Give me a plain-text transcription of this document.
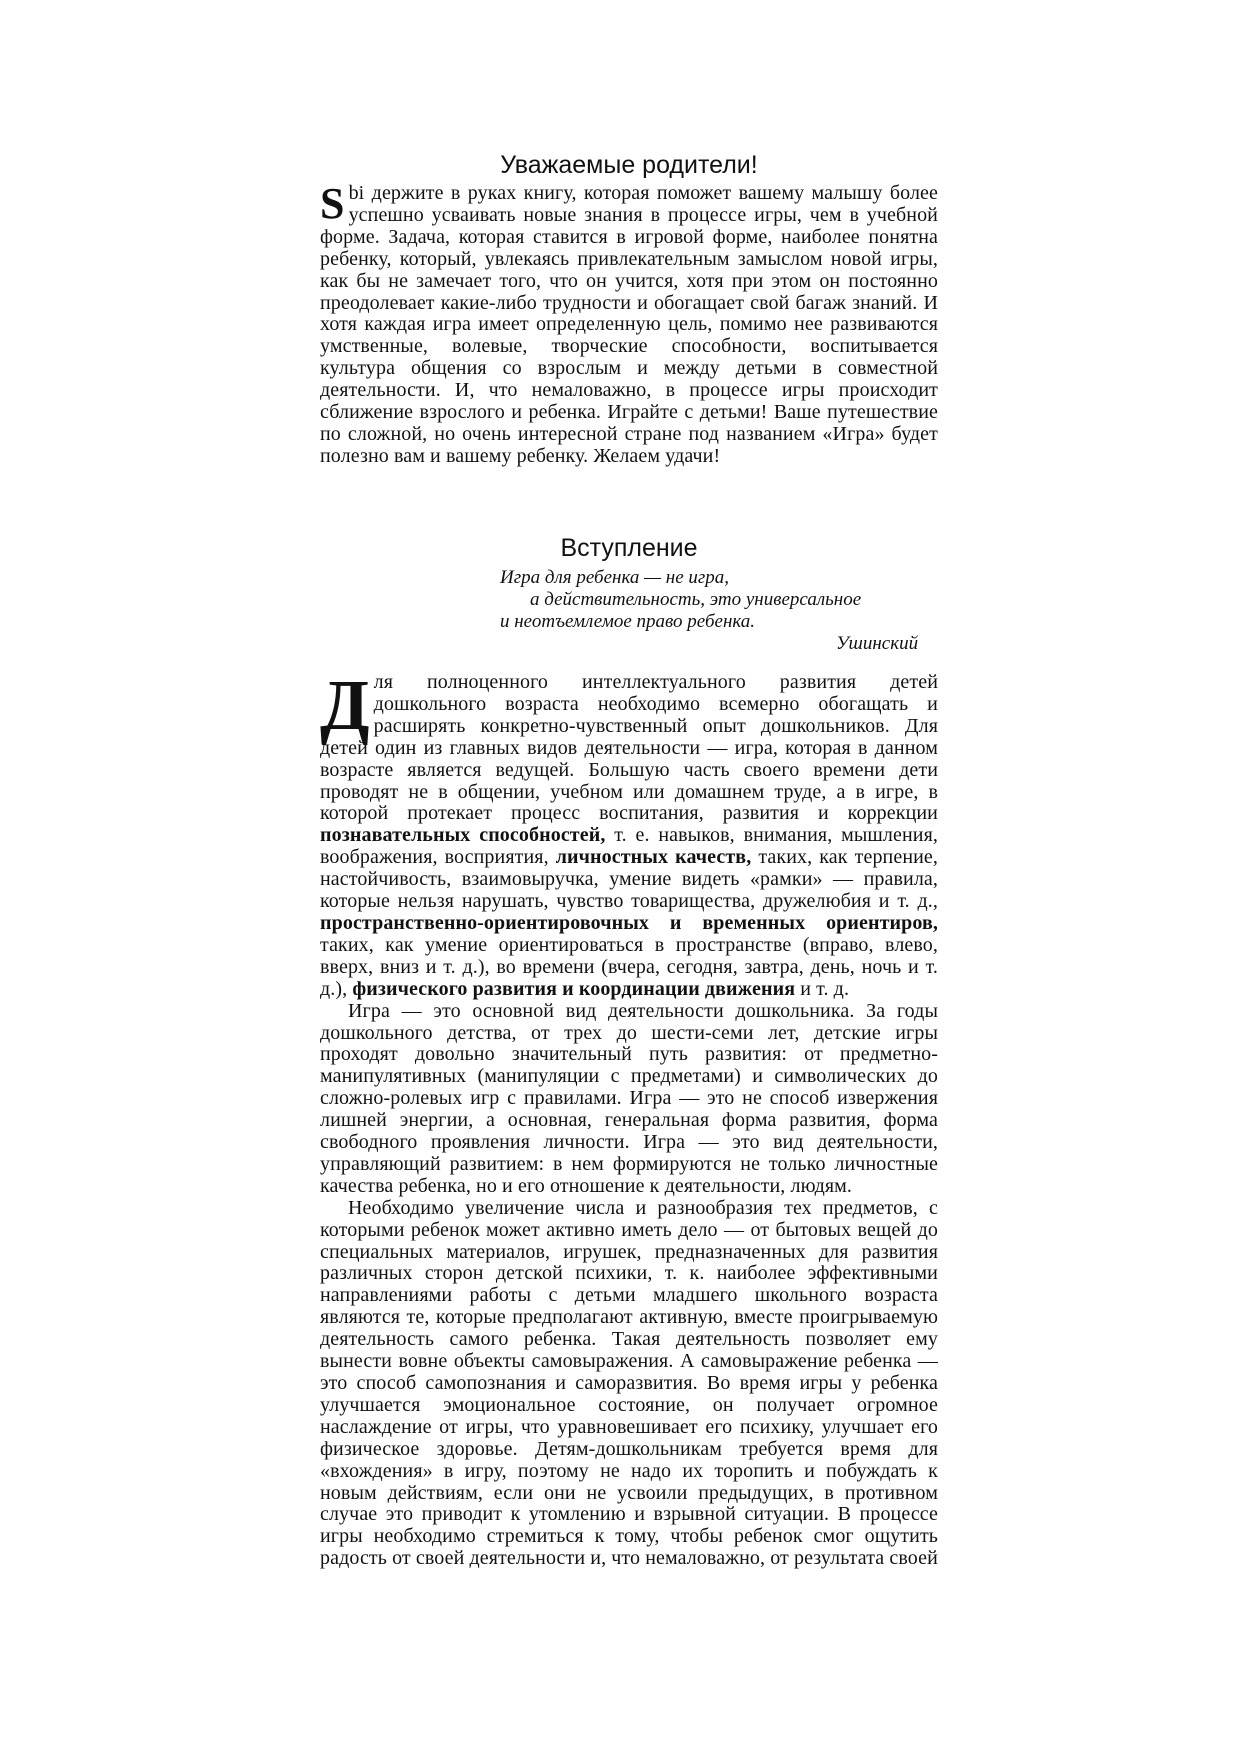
Уважаемые родители!

Sbi держите в руках книгу, которая поможет вашему малышу более успешно усваивать новые знания в процессе игры, чем в учебной форме. Задача, которая ставится в игровой форме, наиболее понятна ребенку, который, увлекаясь привлекательным замыслом новой игры, как бы не замечает того, что он учится, хотя при этом он постоянно преодолевает какие-либо трудности и обогащает свой багаж знаний. И хотя каждая игра имеет определенную цель, помимо нее развиваются умственные, волевые, творческие способности, воспитывается культура общения со взрослым и между детьми в совместной деятельности. И, что немаловажно, в процессе игры происходит сближение взрослого и ребенка. Играйте с детьми! Ваше путешествие по сложной, но очень интересной стране под названием «Игра» будет полезно вам и вашему ребенку. Желаем удачи!

Вступление
Игра для ребенка — не игра,
а действительность, это универсальное
и неотъемлемое право ребенка.
Ушинский

Для полноценного интеллектуального развития детей дошкольного возраста необходимо всемерно обогащать и расширять конкретно-чувственный опыт дошкольников. Для детей один из главных видов деятельности — игра, которая в данном возрасте является ведущей. Большую часть своего времени дети проводят не в общении, учебном или домашнем труде, а в игре, в которой протекает процесс воспитания, развития и коррекции познавательных способностей, т. е. навыков, внимания, мышления, воображения, восприятия, личностных качеств, таких, как терпение, настойчивость, взаимовыручка, умение видеть «рамки» — правила, которые нельзя нарушать, чувство товарищества, дружелюбия и т. д., пространственно-ориентировочных и временных ориентиров, таких, как умение ориентироваться в пространстве (вправо, влево, вверх, вниз и т. д.), во времени (вчера, сегодня, завтра, день, ночь и т. д.), физического развития и координации движения и т. д.

Игра — это основной вид деятельности дошкольника. За годы дошкольного детства, от трех до шести-семи лет, детские игры проходят довольно значительный путь развития: от предметно-манипулятивных (манипуляции с предметами) и символических до сложно-ролевых игр с правилами. Игра — это не способ извержения лишней энергии, а основная, генеральная форма развития, форма свободного проявления личности. Игра — это вид деятельности, управляющий развитием: в нем формируются не только личностные качества ребенка, но и его отношение к деятельности, людям.

Необходимо увеличение числа и разнообразия тех предметов, с которыми ребенок может активно иметь дело — от бытовых вещей до специальных материалов, игрушек, предназначенных для развития различных сторон детской психики, т. к. наиболее эффективными направлениями работы с детьми младшего школьного возраста являются те, которые предполагают активную, вместе проигрываемую деятельность самого ребенка. Такая деятельность позволяет ему вынести вовне объекты самовыражения. А самовыражение ребенка — это способ самопознания и саморазвития. Во время игры у ребенка улучшается эмоциональное состояние, он получает огромное наслаждение от игры, что уравновешивает его психику, улучшает его физическое здоровье. Детям-дошкольникам требуется время для «вхождения» в игру, поэтому не надо их торопить и побуждать к новым действиям, если они не усвоили предыдущих, в противном случае это приводит к утомлению и взрывной ситуации. В процессе игры необходимо стремиться к тому, чтобы ребенок смог ощутить радость от своей деятельности и, что немаловажно, от результата своей
